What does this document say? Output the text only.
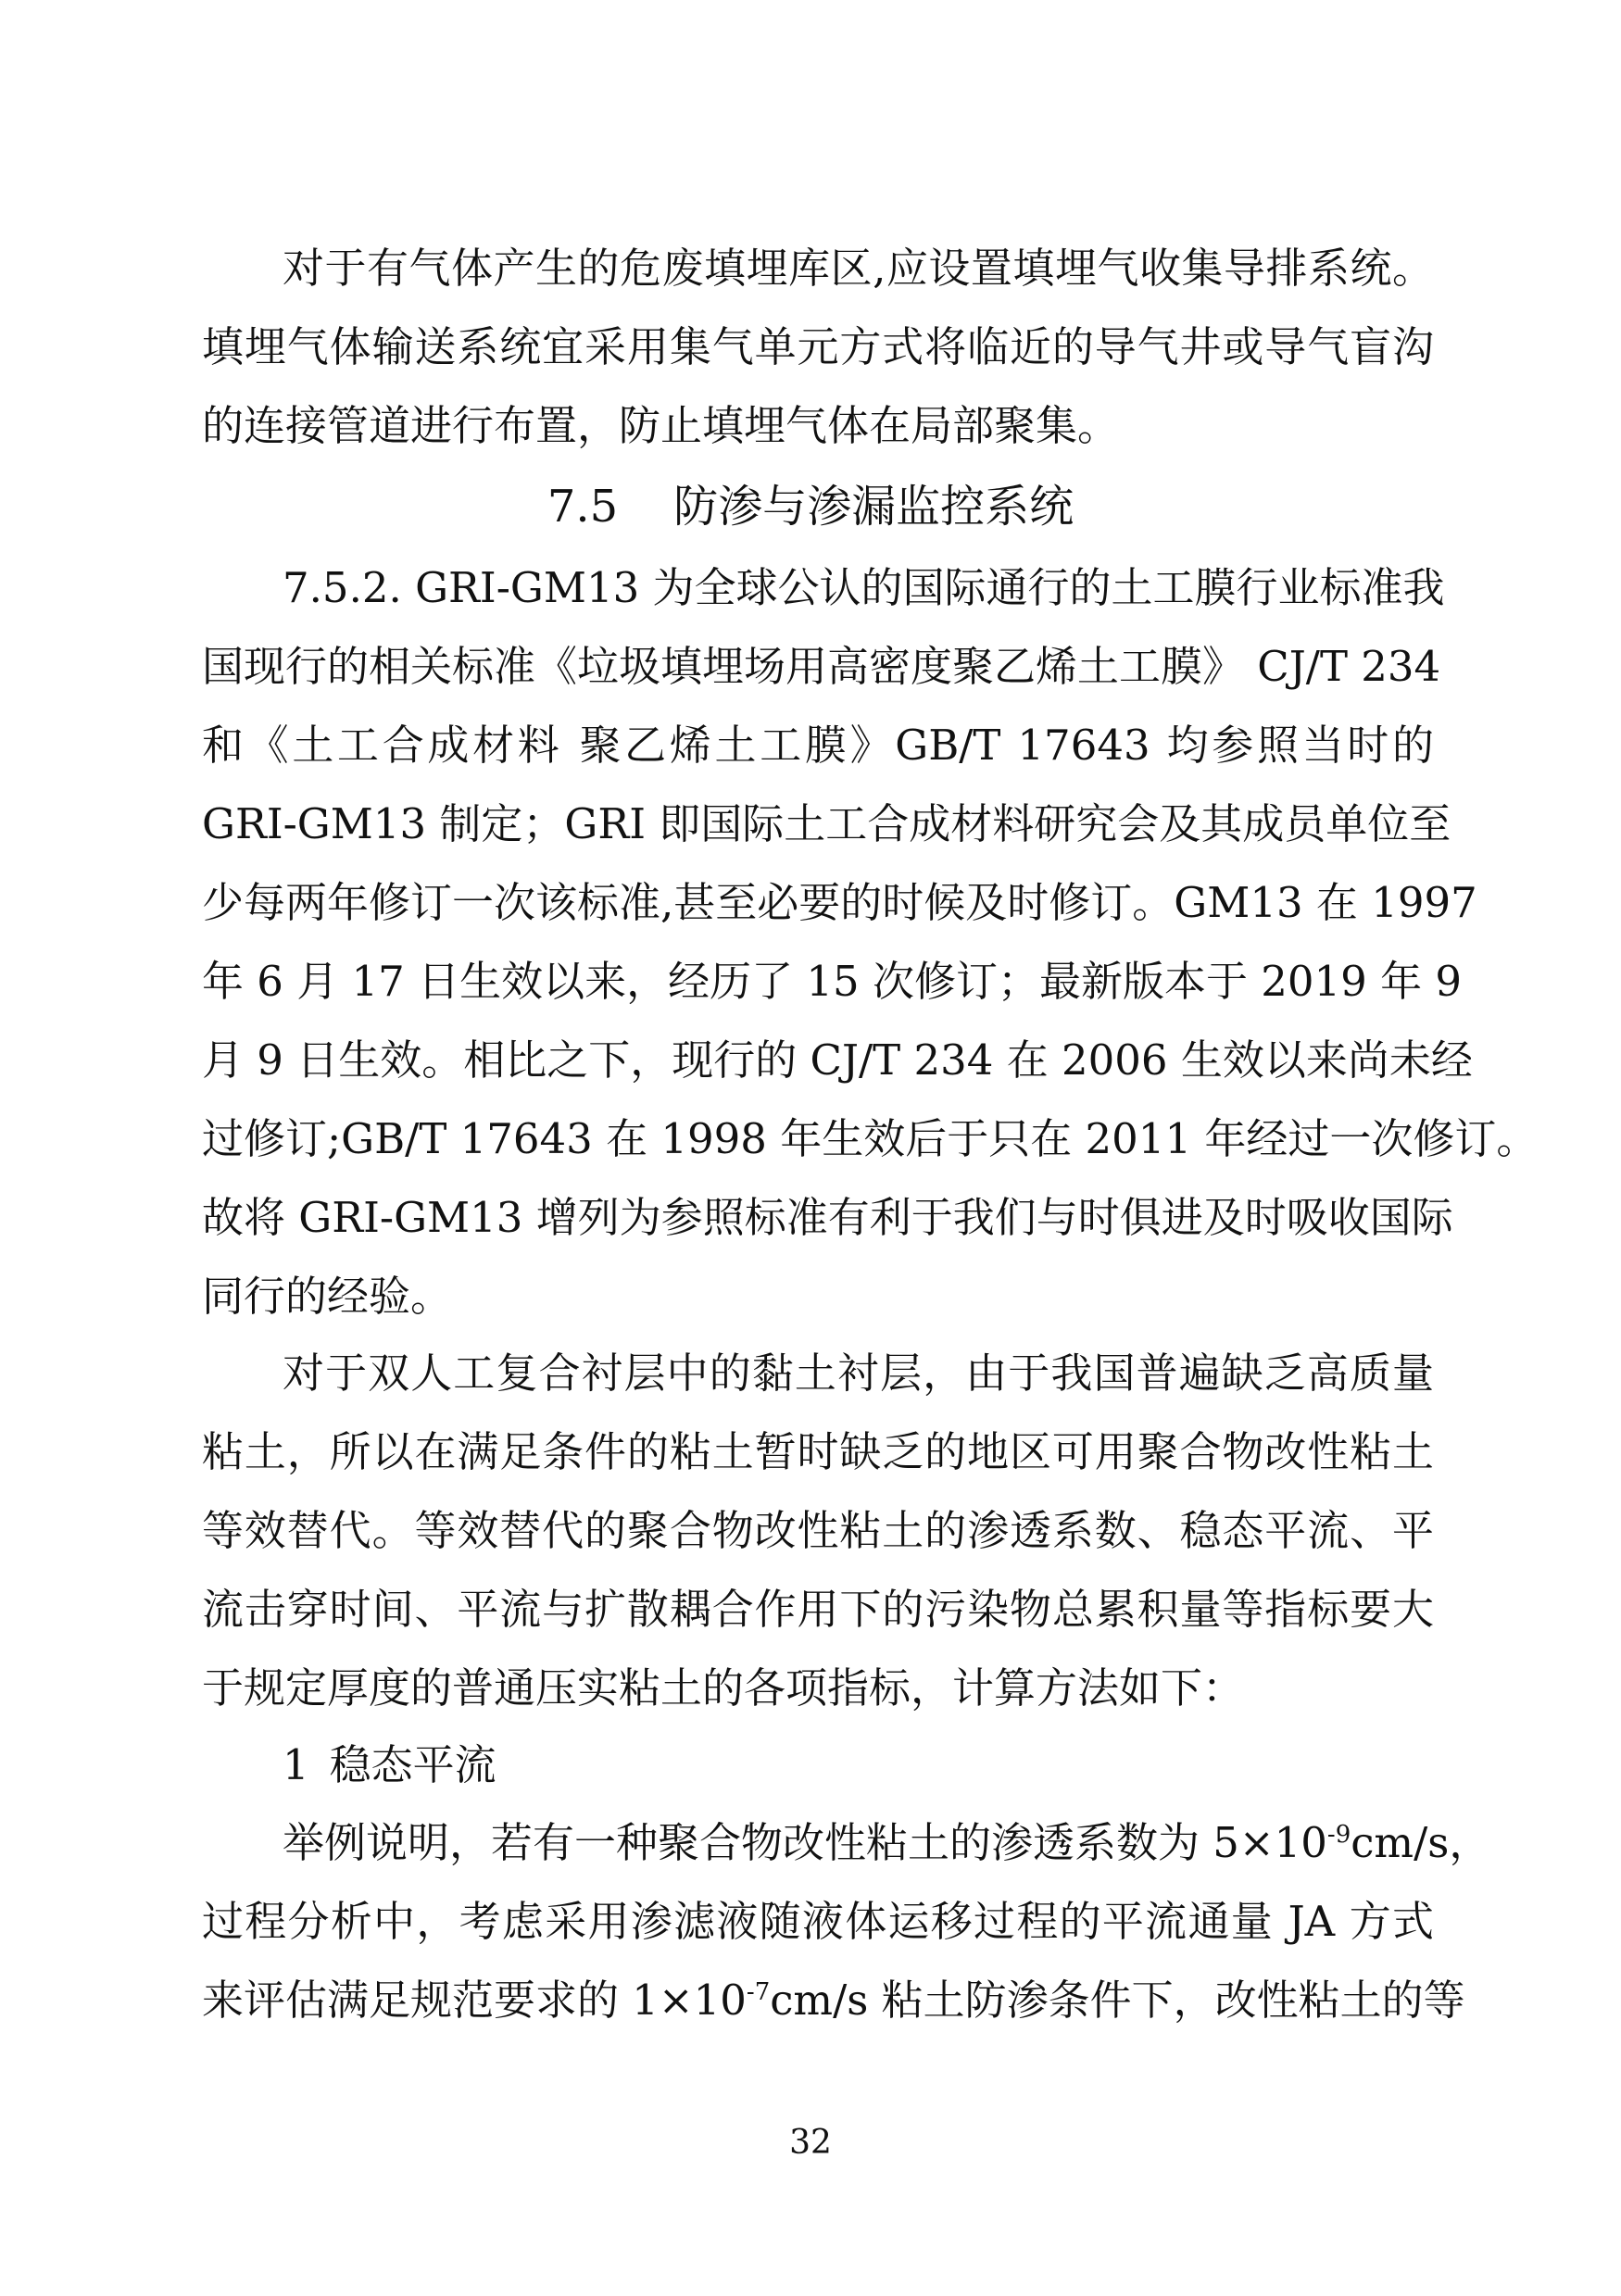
对于有气体产生的危废填埋库区,应设置填埋气收集导排系统。
填埋气体输送系统宜采用集气单元方式将临近的导气井或导气盲沟
的连接管道进行布置，防止填埋气体在局部聚集。
7.5 防渗与渗漏监控系统
7.5.2. GRI-GM13 为全球公认的国际通行的土工膜行业标准我
国现行的相关标准《垃圾填埋场用高密度聚乙烯土工膜》 CJ/T 234
和《土工合成材料 聚乙烯土工膜》GB/T 17643 均参照当时的
GRI-GM13 制定；GRI 即国际土工合成材料研究会及其成员单位至
少每两年修订一次该标准,甚至必要的时候及时修订。GM13 在 1997
年 6 月 17 日生效以来，经历了 15 次修订；最新版本于 2019 年 9
月 9 日生效。相比之下，现行的 CJ/T 234 在 2006 生效以来尚未经
过修订;GB/T 17643 在 1998 年生效后于只在 2011 年经过一次修订。
故将 GRI-GM13 增列为参照标准有利于我们与时俱进及时吸收国际
同行的经验。
对于双人工复合衬层中的黏土衬层，由于我国普遍缺乏高质量
粘土，所以在满足条件的粘土暂时缺乏的地区可用聚合物改性粘土
等效替代。等效替代的聚合物改性粘土的渗透系数、稳态平流、平
流击穿时间、平流与扩散耦合作用下的污染物总累积量等指标要大
于规定厚度的普通压实粘土的各项指标，计算方法如下：
1 稳态平流
举例说明，若有一种聚合物改性粘土的渗透系数为 $5\times 10^{-9}cm/s$，
过程分析中，考虑采用渗滤液随液体运移过程的平流通量 JA 方式
来评估满足规范要求的 $1\times 10^{-7}cm/s$ 粘土防渗条件下，改性粘土的等
32
